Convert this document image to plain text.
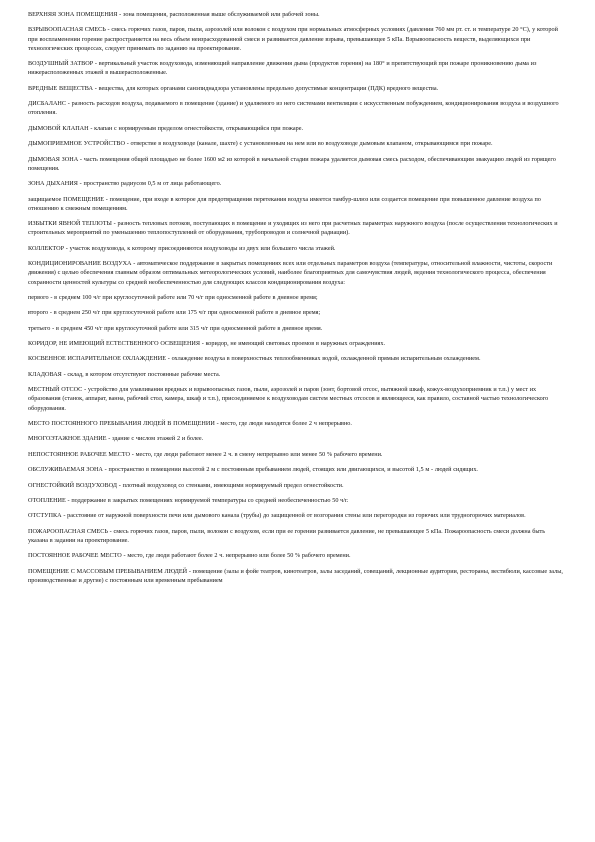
ВЕРХНЯЯ ЗОНА ПОМЕЩЕНИЯ - зона помещения, расположенная выше обслуживаемой или рабочей зоны.

ВЗРЫВООПАСНАЯ СМЕСЬ - смесь горючих газов, паров, пыли, аэрозолей или волокон с воздухом при нормальных атмосферных условиях (давлении 760 мм рт. ст. и температуре 20 °С), у которой при воспламенении горение распространяется на весь объем неизрасходованной смеси и развивается давление взрыва, превышающее 5 кПа. Взрывоопасность веществ, выделяющихся при технологических процессах, следует принимать по заданию на проектирование.

ВОЗДУШНЫЙ ЗАТВОР - вертикальный участок воздуховода, изменяющий направление движения дыма (продуктов горения) на 180° и препятствующий при пожаре проникновению дыма из нижерасположенных этажей в вышерасположенные.

ВРЕДНЫЕ ВЕЩЕСТВА - вещества, для которых органами санэпиднадзора установлены предельно допустимые концентрации (ПДК) вредного вещества.

ДИСБАЛАНС - разность расходов воздуха, подаваемого в помещение (здание) и удаляемого из него системами вентиляции с искусственным побуждением, кондиционирования воздуха и воздушного отопления.

ДЫМОВОЙ КЛАПАН - клапан с нормируемым пределом огнестойкости, открывающийся при пожаре.

ДЫМОПРИЕМНОЕ УСТРОЙСТВО - отверстие в воздуховоде (канале, шахте) с установленным на нем или во воздуховоде дымовым клапаном, открывающимся при пожаре.

ДЫМОВАЯ ЗОНА - часть помещения общей площадью не более 1600 м2 из которой в начальной стадии пожара удаляется дымовая смесь расходом, обеспечивающим эвакуацию людей из горящего помещения.

ЗОНА ДЫХАНИЯ - пространство радиусом 0,5 м от лица работающего.

защищаемое ПОМЕЩЕНИЕ - помещение, при входе в которое для предотвращения перетекания воздуха имеется тамбур-шлюз или создается помещение при повышенное давление воздуха по отношению к смежным помещениям.

ИЗБЫТКИ ЯВНОЙ ТЕПЛОТЫ - разность тепловых потоков, поступающих в помещение и уходящих из него при расчетных параметрах наружного воздуха (после осуществления технологических и строительных мероприятий по уменьшению теплопоступлений от оборудования, трубопроводов и солнечной радиации).

КОЛЛЕКТОР - участок воздуховода, к которому присоединяются воздуховоды из двух или большего числа этажей.

КОНДИЦИОНИРОВАНИЕ ВОЗДУХА - автоматическое поддержание в закрытых помещениях всех или отдельных параметров воздуха (температуры, относительной влажности, чистоты, скорости движения) с целью обеспечения главным образом оптимальных метеорологических условий, наиболее благоприятных для самочувствия людей, ведения технологического процесса, обеспечения сохранности ценностей культуры со средней необеспеченностью для следующих классов кондиционирования воздуха:

первого - в среднем 100 ч/г при круглосуточной работе или 70 ч/г при односменной работе в дневное время;

второго - в среднем 250 ч/г при круглосуточной работе или 175 ч/г при односменной работе в дневное время;

третьего - в среднем 450 ч/г при круглосуточной работе или 315 ч/г при односменной работе в дневное время.

КОРИДОР, НЕ ИМЕЮЩИЙ ЕСТЕСТВЕННОГО ОСВЕЩЕНИЯ - коридор, не имеющий световых проемов в наружных ограждениях.

КОСВЕННОЕ ИСПАРИТЕЛЬНОЕ ОХЛАЖДЕНИЕ - охлаждение воздуха в поверхностных теплообменниках водой, охлажденной прямым испарительным охлаждением.

КЛАДОВАЯ - склад, в котором отсутствуют постоянные рабочие места.

МЕСТНЫЙ ОТСОС - устройство для улавливания вредных и взрывоопасных газов, пыли, аэрозолей и паров (зонт, бортовой отсос, вытяжной шкаф, кожух-воздухоприемник и т.п.) у мест их образования (станок, аппарат, ванна, рабочий стол, камера, шкаф и т.п.), присоединяемое к воздуховодам систем местных отсосов и являющееся, как правило, составной частью технологического оборудования.

МЕСТО ПОСТОЯННОГО ПРЕБЫВАНИЯ ЛЮДЕЙ В ПОМЕЩЕНИИ - место, где люди находятся более 2 ч непрерывно.

МНОГОЭТАЖНОЕ ЗДАНИЕ - здание с числом этажей 2 и более.

НЕПОСТОЯННОЕ РАБОЧЕЕ МЕСТО - место, где люди работают менее 2 ч. в смену непрерывно или менее 50 % рабочего времени.

ОБСЛУЖИВАЕМАЯ ЗОНА - пространство в помещении высотой 2 м с постоянным пребыванием людей, стоящих или двигающихся, и высотой 1,5 м - людей сидящих.

ОГНЕСТОЙКИЙ ВОЗДУХОВОД - плотный воздуховод со стенками, имеющими нормируемый предел огнестойкости.

ОТОПЛЕНИЕ - поддержание в закрытых помещениях нормируемой температуры со средней необеспеченностью 50 ч/г.

ОТСТУПКА - расстояние от наружной поверхности печи или дымового канала (трубы) до защищенной от возгорания стены или перегородки из горючих или трудногорючих материалов.

ПОЖАРООПАСНАЯ СМЕСЬ - смесь горючих газов, паров, пыли, волокон с воздухом, если при ее горении развивается давление, не превышающее 5 кПа. Пожароопасность смеси должна быть указана в задании на проектирование.

ПОСТОЯННОЕ РАБОЧЕЕ МЕСТО - место, где люди работают более 2 ч. непрерывно или более 50 % рабочего времени.

ПОМЕЩЕНИЕ С МАССОВЫМ ПРЕБЫВАНИЕМ ЛЮДЕЙ - помещение (залы и фойе театров, кинотеатров, залы заседаний, совещаний, лекционные аудитории, рестораны, вестибюли, кассовые залы, производственные и другие) с постоянным или временным пребыванием
